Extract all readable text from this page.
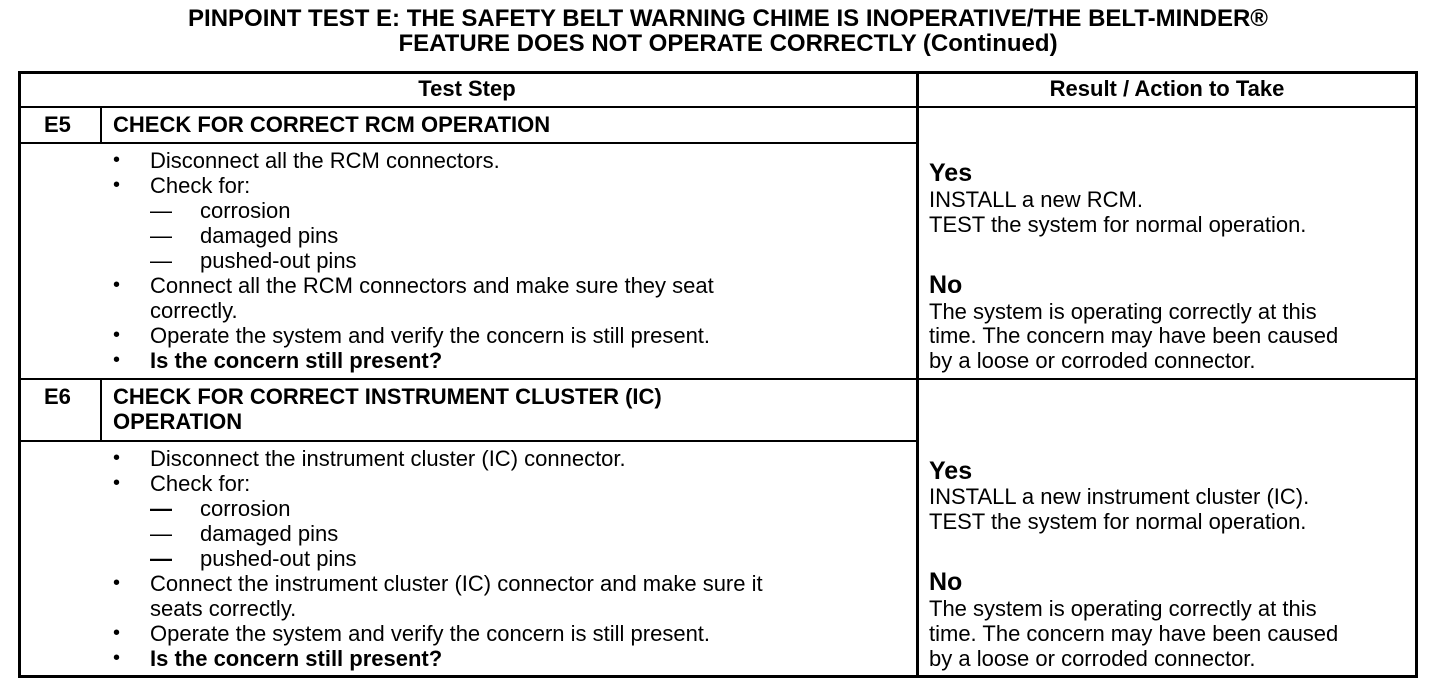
PINPOINT TEST E: THE SAFETY BELT WARNING CHIME IS INOPERATIVE/THE BELT-MINDER®
FEATURE DOES NOT OPERATE CORRECTLY (Continued)
Test Step	Result / Action to Take
E5 CHECK FOR CORRECT RCM OPERATION
• Disconnect all the RCM connectors.
• Check for:
— corrosion
— damaged pins
— pushed-out pins
• Connect all the RCM connectors and make sure they seat
correctly.
• Operate the system and verify the concern is still present.
• Is the concern still present?
Yes
INSTALL a new RCM.
TEST the system for normal operation.
No
The system is operating correctly at this
time. The concern may have been caused
by a loose or corroded connector.
E6 CHECK FOR CORRECT INSTRUMENT CLUSTER (IC)
OPERATION
• Disconnect the instrument cluster (IC) connector.
• Check for:
— corrosion
— damaged pins
— pushed-out pins
• Connect the instrument cluster (IC) connector and make sure it
seats correctly.
• Operate the system and verify the concern is still present.
• Is the concern still present?
Yes
INSTALL a new instrument cluster (IC).
TEST the system for normal operation.
No
The system is operating correctly at this
time. The concern may have been caused
by a loose or corroded connector.
